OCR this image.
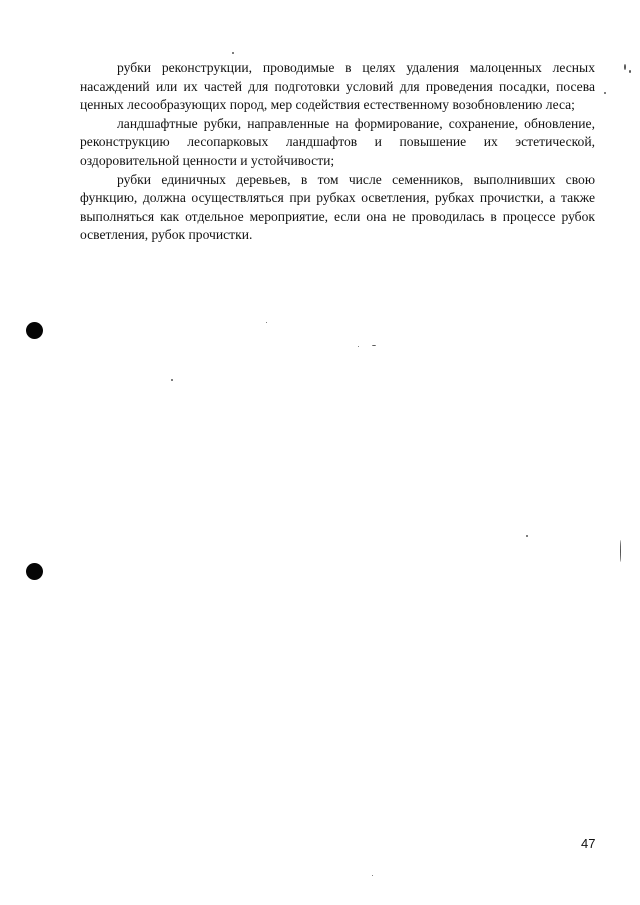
рубки реконструкции, проводимые в целях удаления малоценных лесных насаждений или их частей для подготовки условий для проведения посадки, посева ценных лесообразующих пород, мер содействия естественному возобновлению леса;

ландшафтные рубки, направленные на формирование, сохранение, обновление, реконструкцию лесопарковых ландшафтов и повышение их эстетической, оздоровительной ценности и устойчивости;

рубки единичных деревьев, в том числе семенников, выполнивших свою функцию, должна осуществляться при рубках осветления, рубках прочистки, а также выполняться как отдельное мероприятие, если она не проводилась в процессе рубок осветления, рубок прочистки.

47
